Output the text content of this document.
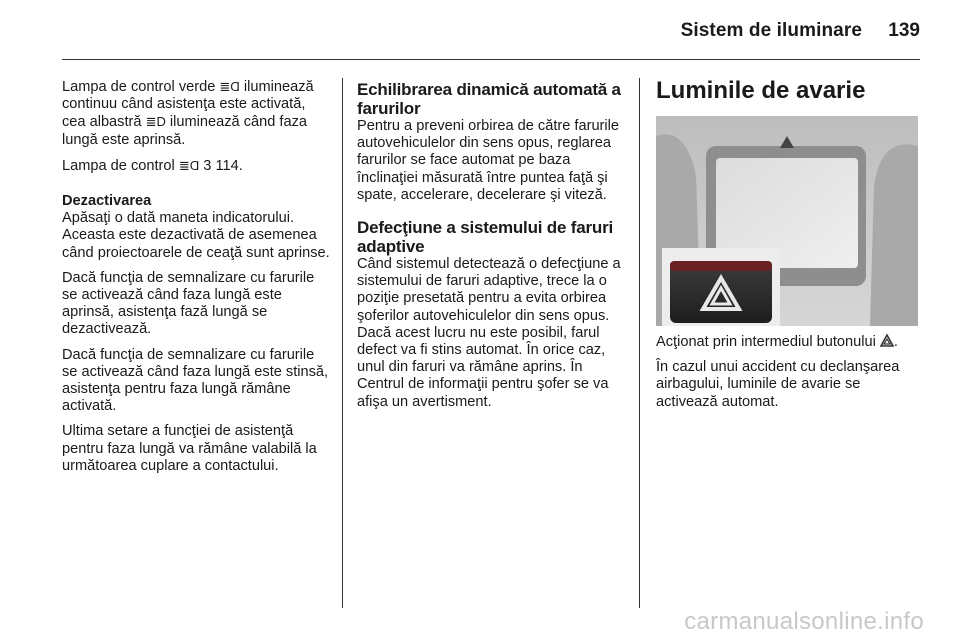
Sistem de iluminare 139

Lampa de control verde ≣Ɑ iluminează continuu când asistenţa este activată, cea albastră ≣D iluminează când faza lungă este aprinsă.

Lampa de control ≣Ɑ 3 114.

Dezactivarea

Apăsaţi o dată maneta indicatorului. Aceasta este dezactivată de asemenea când proiectoarele de ceaţă sunt aprinse.

Dacă funcţia de semnalizare cu farurile se activează când faza lungă este aprinsă, asistenţa fază lungă se dezactivează.

Dacă funcţia de semnalizare cu farurile se activează când faza lungă este stinsă, asistenţa pentru faza lungă rămâne activată.

Ultima setare a funcţiei de asistenţă pentru faza lungă va rămâne valabilă la următoarea cuplare a contactului.

Echilibrarea dinamică automată a farurilor

Pentru a preveni orbirea de către farurile autovehiculelor din sens opus, reglarea farurilor se face automat pe baza înclinaţiei măsurată între puntea faţă şi spate, accelerare, decelerare şi viteză.

Defecţiune a sistemului de faruri adaptive

Când sistemul detectează o defecţiune a sistemului de faruri adaptive, trece la o poziţie presetată pentru a evita orbirea şoferilor autovehiculelor din sens opus. Dacă acest lucru nu este posibil, farul defect va fi stins automat. În orice caz, unul din faruri va rămâne aprins. În Centrul de informaţii pentru şofer se va afişa un avertisment.

Luminile de avarie

Acţionat prin intermediul butonului .

În cazul unui accident cu declanşarea airbagului, luminile de avarie se activează automat.

carmanualsonline.info
